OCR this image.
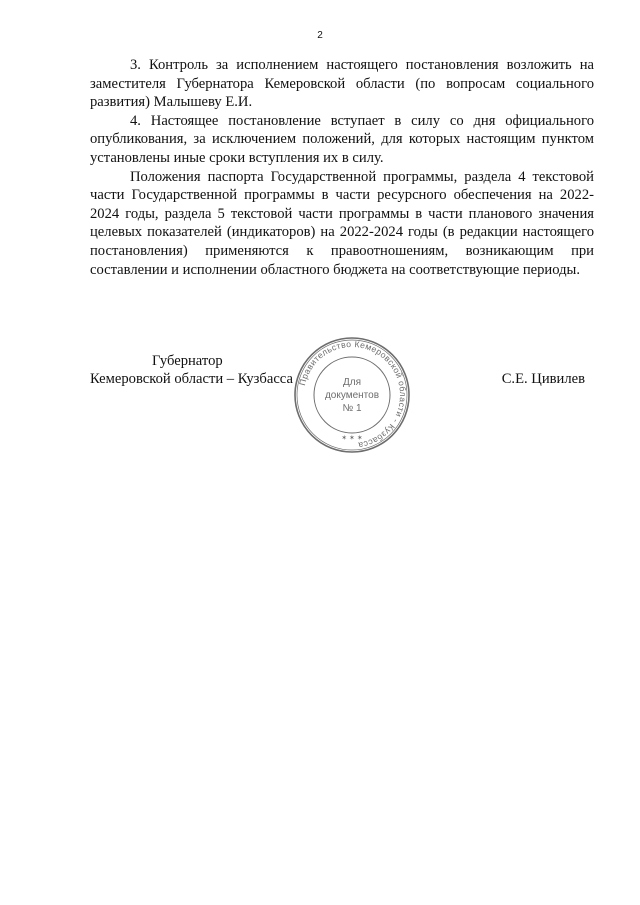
2

3. Контроль за исполнением настоящего постановления возложить на заместителя Губернатора Кемеровской области (по вопросам социального развития) Малышеву Е.И.

4. Настоящее постановление вступает в силу со дня официального опубликования, за исключением положений, для которых настоящим пунктом установлены иные сроки вступления их в силу.

Положения паспорта Государственной программы, раздела 4 текстовой части Государственной программы в части ресурсного обеспечения на 2022-2024 годы, раздела 5 текстовой части программы в части планового значения целевых показателей (индикаторов) на 2022-2024 годы (в редакции настоящего постановления) применяются к правоотношениям, возникающим при составлении и исполнении областного бюджета на соответствующие периоды.

Губернатор
Кемеровской области – Кузбасса	С.Е. Цивилев
Правительство Кемеровской области - Кузбасса
Для
документов
№ 1
✶ ✶ ✶
